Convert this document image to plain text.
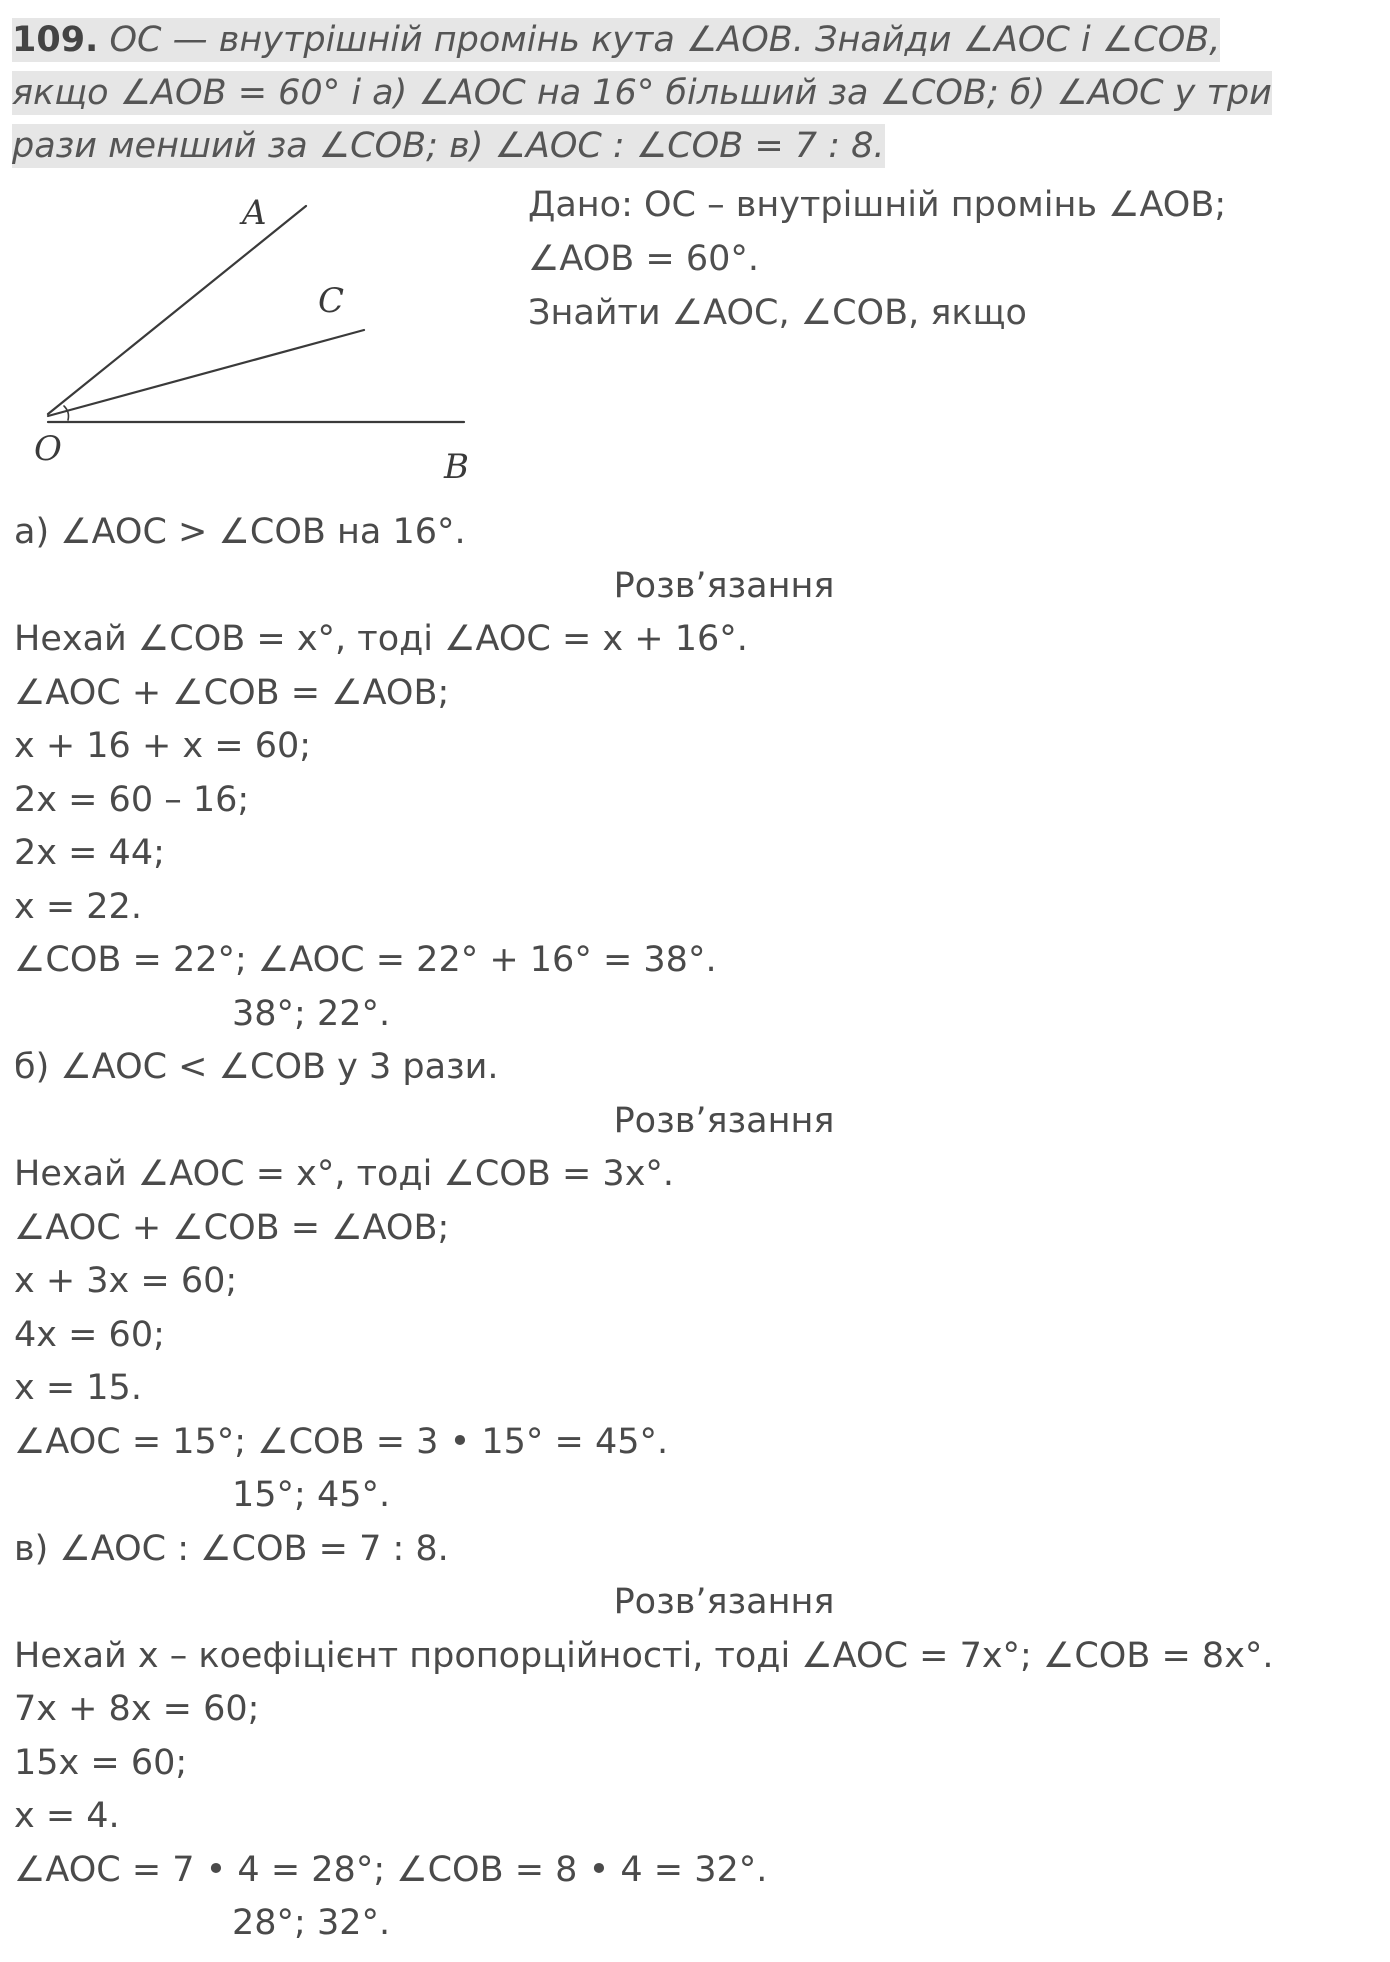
109. OC — внутрішній промінь кута ∠AOB. Знайди ∠AOC і ∠COB,
якщо ∠AOB = 60° і а) ∠AOC на 16° більший за ∠COB; б) ∠AOC у три
рази менший за ∠COB; в) ∠AOC : ∠COB = 7 : 8.
A
C
O	B
Дано: OC – внутрішній промінь ∠AOB;
∠AOB = 60°.
Знайти ∠AOC, ∠COB, якщо
а) ∠AOC > ∠COB на 16°.
Розв’язання
Нехай ∠COB = x°, тоді ∠AOC = x + 16°.
∠AOC + ∠COB = ∠AOB;
x + 16 + x = 60;
2x = 60 – 16;
2x = 44;
x = 22.
∠COB = 22°; ∠AOC = 22° + 16° = 38°.
38°; 22°.
б) ∠AOC < ∠COB у 3 рази.
Розв’язання
Нехай ∠AOC = x°, тоді ∠COB = 3x°.
∠AOC + ∠COB = ∠AOB;
x + 3x = 60;
4x = 60;
x = 15.
∠AOC = 15°; ∠COB = 3 • 15° = 45°.
15°; 45°.
в) ∠AOC : ∠COB = 7 : 8.
Розв’язання
Нехай x – коефіцієнт пропорційності, тоді ∠AOC = 7x°; ∠COB = 8x°.
7x + 8x = 60;
15x = 60;
x = 4.
∠AOC = 7 • 4 = 28°; ∠COB = 8 • 4 = 32°.
28°; 32°.
